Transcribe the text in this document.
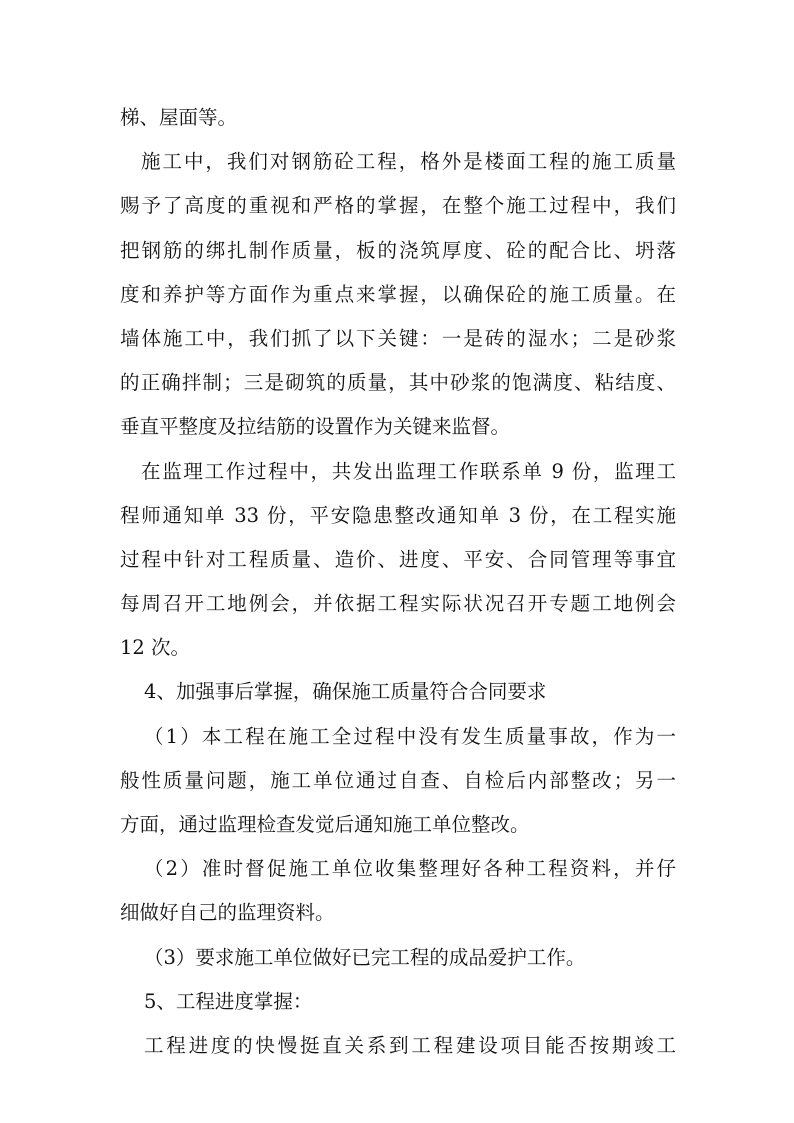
梯、屋面等。
施工中，我们对钢筋砼工程，格外是楼面工程的施工质量
赐予了高度的重视和严格的掌握，在整个施工过程中，我们
把钢筋的绑扎制作质量，板的浇筑厚度、砼的配合比、坍落
度和养护等方面作为重点来掌握，以确保砼的施工质量。在
墙体施工中，我们抓了以下关键：一是砖的湿水；二是砂浆
的正确拌制；三是砌筑的质量，其中砂浆的饱满度、粘结度、
垂直平整度及拉结筋的设置作为关键来监督。
在监理工作过程中，共发出监理工作联系单 9 份，监理工
程师通知单 33 份，平安隐患整改通知单 3 份，在工程实施
过程中针对工程质量、造价、进度、平安、合同管理等事宜
每周召开工地例会，并依据工程实际状况召开专题工地例会
12 次。
4、加强事后掌握，确保施工质量符合合同要求
（1）本工程在施工全过程中没有发生质量事故，作为一
般性质量问题，施工单位通过自查、自检后内部整改；另一
方面，通过监理检查发觉后通知施工单位整改。
（2）准时督促施工单位收集整理好各种工程资料，并仔
细做好自己的监理资料。
（3）要求施工单位做好已完工程的成品爱护工作。
5、工程进度掌握：
工程进度的快慢挺直关系到工程建设项目能否按期竣工
